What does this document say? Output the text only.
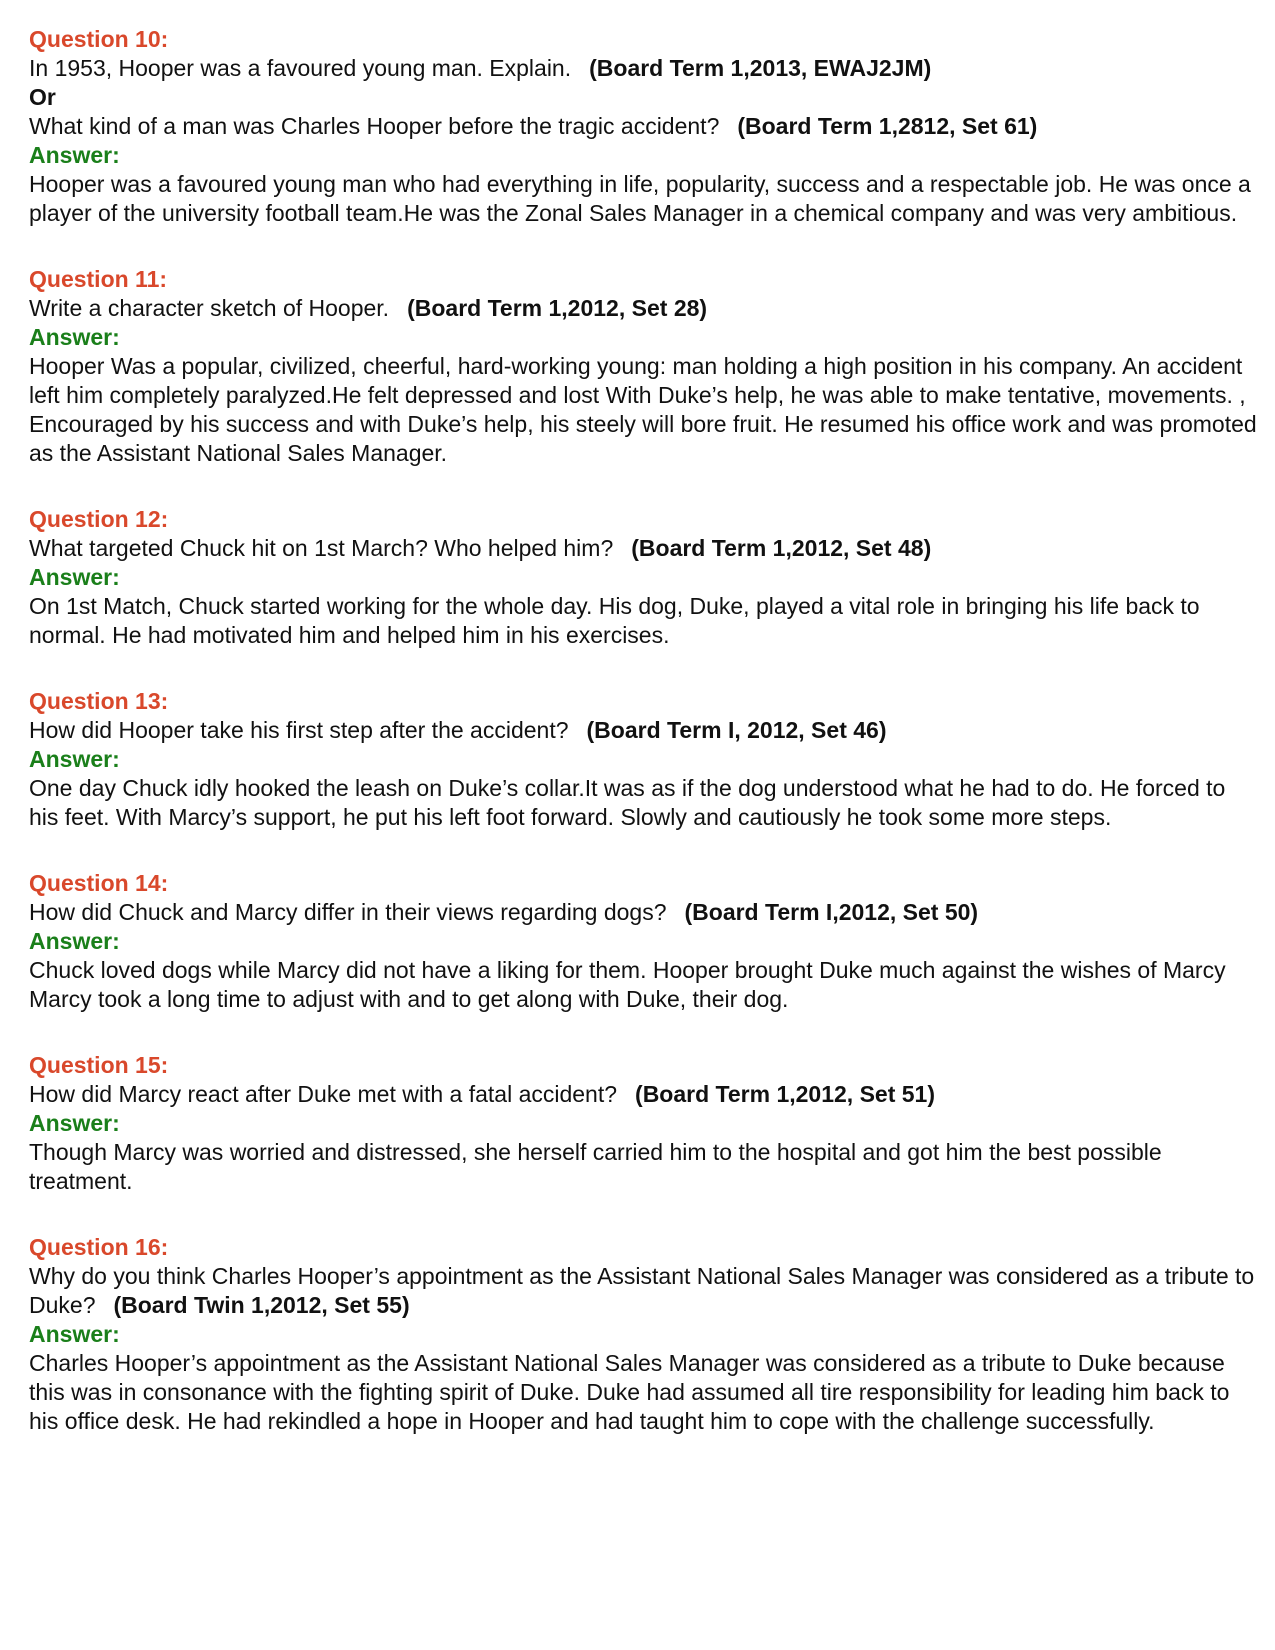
Question 10:

In 1953, Hooper was a favoured young man. Explain. (Board Term 1,2013, EWAJ2JM)

Or

What kind of a man was Charles Hooper before the tragic accident? (Board Term 1,2812, Set 61)

Answer:

Hooper was a favoured young man who had everything in life, popularity, success and a respectable job. He was once a player of the university football team.He was the Zonal Sales Manager in a chemical company and was very ambitious.

Question 11:

Write a character sketch of Hooper. (Board Term 1,2012, Set 28)

Answer:

Hooper Was a popular, civilized, cheerful, hard-working young: man holding a high position in his company. An accident left him completely paralyzed.He felt depressed and lost With Duke’s help, he was able to make tentative, movements. ,

Encouraged by his success and with Duke’s help, his steely will bore fruit. He resumed his office work and was promoted as the Assistant National Sales Manager.

Question 12:

What targeted Chuck hit on 1st March? Who helped him? (Board Term 1,2012, Set 48)

Answer:

On 1st Match, Chuck started working for the whole day. His dog, Duke, played a vital role in bringing his life back to normal. He had motivated him and helped him in his exercises.

Question 13:

How did Hooper take his first step after the accident? (Board Term I, 2012, Set 46)

Answer:

One day Chuck idly hooked the leash on Duke’s collar.It was as if the dog understood what he had to do. He forced to his feet. With Marcy’s support, he put his left foot forward. Slowly and cautiously he took some more steps.

Question 14:

How did Chuck and Marcy differ in their views regarding dogs? (Board Term I,2012, Set 50)

Answer:

Chuck loved dogs while Marcy did not have a liking for them. Hooper brought Duke much against the wishes of Marcy Marcy took a long time to adjust with and to get along with Duke, their dog.

Question 15:

How did Marcy react after Duke met with a fatal accident? (Board Term 1,2012, Set 51)

Answer:

Though Marcy was worried and distressed, she herself carried him to the hospital and got him the best possible treatment.

Question 16:

Why do you think Charles Hooper’s appointment as the Assistant National Sales Manager was considered as a tribute to Duke? (Board Twin 1,2012, Set 55)

Answer:

Charles Hooper’s appointment as the Assistant National Sales Manager was considered as a tribute to Duke because this was in consonance with the fighting spirit of Duke. Duke had assumed all tire responsibility for leading him back to his office desk. He had rekindled a hope in Hooper and had taught him to cope with the challenge successfully.
